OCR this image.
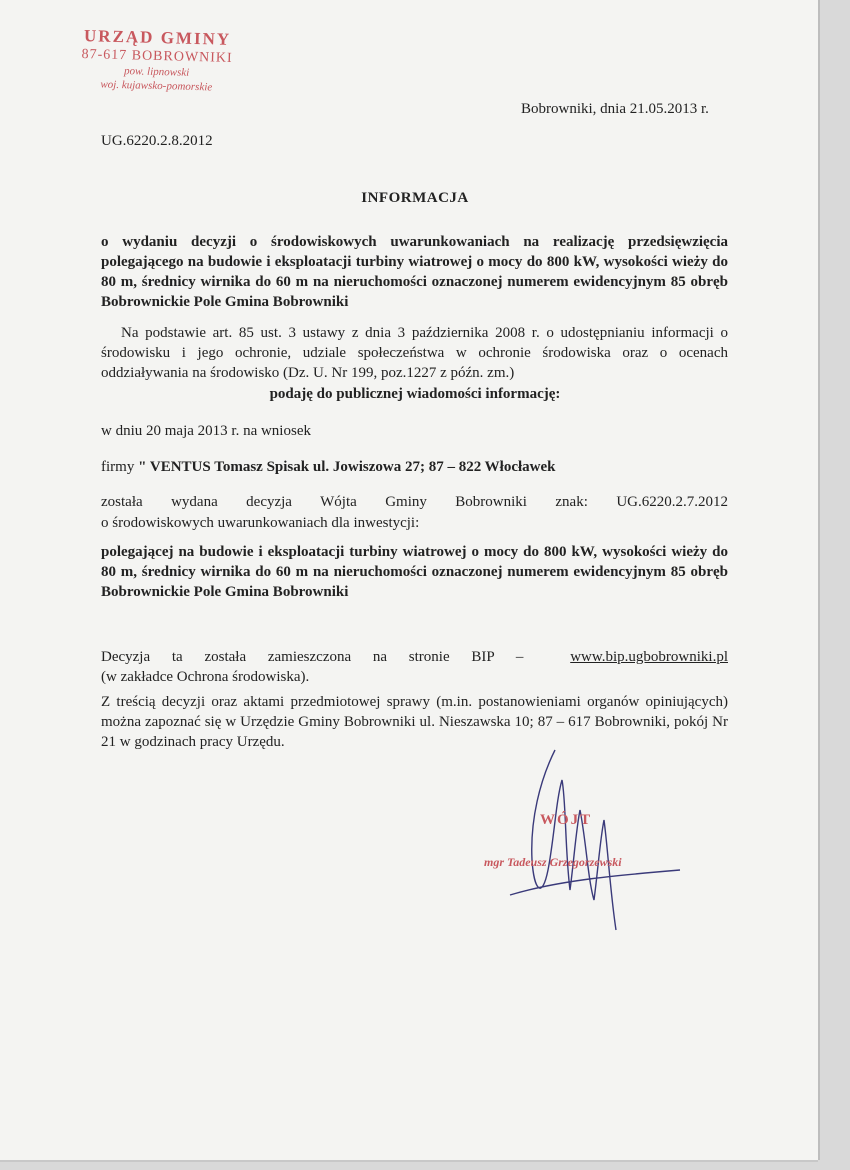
URZĄD GMINY
87-617 BOBROWNIKI
pow. lipnowski
woj. kujawsko-pomorskie
Bobrowniki, dnia 21.05.2013 r.
UG.6220.2.8.2012
INFORMACJA
o wydaniu decyzji o środowiskowych uwarunkowaniach na realizację przedsięwzięcia polegającego na budowie i eksploatacji turbiny wiatrowej o mocy do 800 kW, wysokości wieży do 80 m, średnicy wirnika do 60 m na nieruchomości oznaczonej numerem ewidencyjnym 85 obręb Bobrownickie Pole Gmina Bobrowniki
Na podstawie art. 85 ust. 3 ustawy z dnia 3 października 2008 r. o udostępnianiu informacji o środowisku i jego ochronie, udziale społeczeństwa w ochronie środowiska oraz o ocenach oddziaływania na środowisko (Dz. U. Nr 199, poz.1227 z późn. zm.)
podaję do publicznej wiadomości informację:
w dniu 20 maja 2013 r. na wniosek
firmy " VENTUS Tomasz Spisak ul. Jowiszowa 27; 87 – 822 Włocławek
została wydana decyzja Wójta Gminy Bobrowniki znak: UG.6220.2.7.2012
o środowiskowych uwarunkowaniach dla inwestycji:
polegającej na budowie i eksploatacji turbiny wiatrowej o mocy do 800 kW, wysokości wieży do 80 m, średnicy wirnika do 60 m na nieruchomości oznaczonej numerem ewidencyjnym 85 obręb Bobrownickie Pole Gmina Bobrowniki
Decyzja ta została zamieszczona na stronie BIP –	www.bip.ugbobrowniki.pl
(w zakładce Ochrona środowiska).
Z treścią decyzji oraz aktami przedmiotowej sprawy (m.in. postanowieniami organów opiniujących) można zapoznać się w Urzędzie Gminy Bobrowniki ul. Nieszawska 10; 87 – 617 Bobrowniki, pokój Nr 21 w godzinach pracy Urzędu.
WÓJT
mgr Tadeusz Grzegorzewski
